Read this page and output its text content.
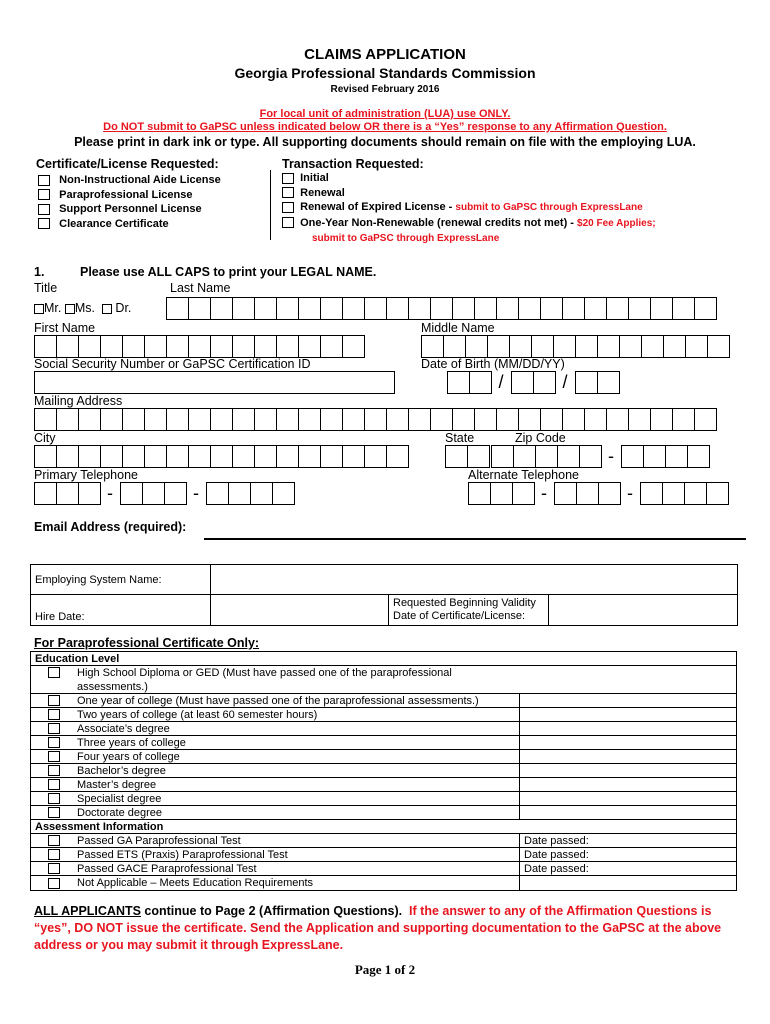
CLAIMS APPLICATION
Georgia Professional Standards Commission
Revised February 2016
For local unit of administration (LUA) use ONLY.
Do NOT submit to GaPSC unless indicated below OR there is a “Yes” response to any Affirmation Question.
Please print in dark ink or type. All supporting documents should remain on file with the employing LUA.
Certificate/License Requested:
Non-Instructional Aide License
Paraprofessional License
Support Personnel License
Clearance Certificate
Transaction Requested:
Initial
Renewal
Renewal of Expired License - submit to GaPSC through ExpressLane
One-Year Non-Renewable (renewal credits not met) - $20 Fee Applies;
submit to GaPSC through ExpressLane
1.	Please use ALL CAPS to print your LEGAL NAME.
Title	Last Name
Mr. Ms. Dr.
First Name	Middle Name
Social Security Number or GaPSC Certification ID	Date of Birth (MM/DD/YY)
/	/
Mailing Address
City	State	Zip Code
-
Primary Telephone	Alternate Telephone
-	-	-	-
Email Address (required):
Employing System Name:			
Hire Date:		Requested Beginning Validity
Date of Certificate/License:	

For Paraprofessional Certificate Only:
Education Level
High School Diploma or GED (Must have passed one of the paraprofessional
assessments.)
One year of college (Must have passed one of the paraprofessional assessments.)
Two years of college (at least 60 semester hours)
Associate’s degree
Three years of college
Four years of college
Bachelor’s degree
Master’s degree
Specialist degree
Doctorate degree
Assessment Information
Passed GA Paraprofessional Test	Date passed:
Passed ETS (Praxis) Paraprofessional Test	Date passed:
Passed GACE Paraprofessional Test	Date passed:
Not Applicable – Meets Education Requirements
ALL APPLICANTS continue to Page 2 (Affirmation Questions). If the answer to any of the Affirmation Questions is “yes”, DO NOT issue the certificate. Send the Application and supporting documentation to the GaPSC at the above address or you may submit it through ExpressLane.
Page 1 of 2
